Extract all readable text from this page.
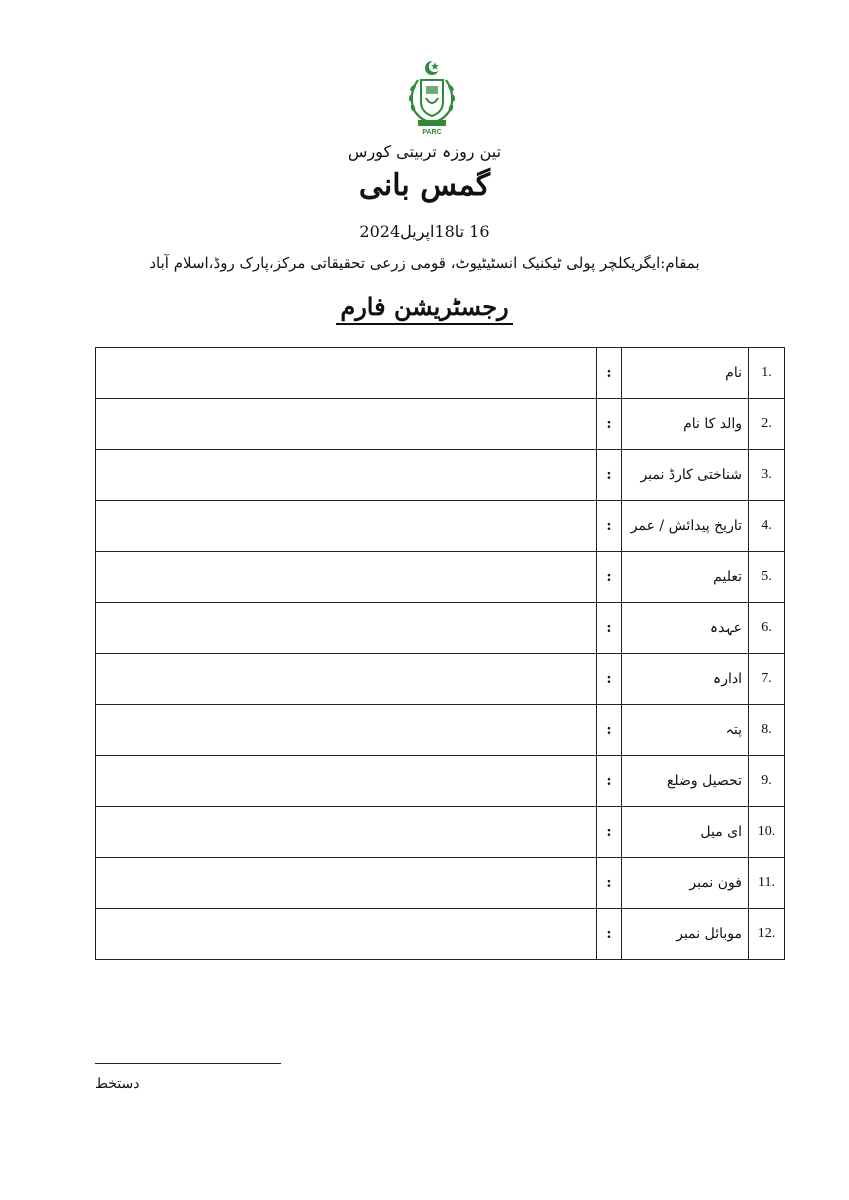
PARC
تین روزہ تربیتی کورس
گمس بانی
16 تا18اپریل2024
بمقام:ایگریکلچر پولی ٹیکنیک انسٹیٹیوٹ، قومی زرعی تحقیقاتی مرکز،پارک روڈ،اسلام آباد
رجسٹریشن فارم
1.	نام	:	
2.	والد کا نام	:	
3.	شناختی کارڈ نمبر	:	
4.	تاریخ پیدائش / عمر	:	
5.	تعلیم	:	
6.	عہدہ	:	
7.	ادارہ	:	
8.	پتہ	:	
9.	تحصیل وضلع	:	
10.	ای میل	:	
11.	فون نمبر	:	
12.	موبائل نمبر	:	
دستخط
